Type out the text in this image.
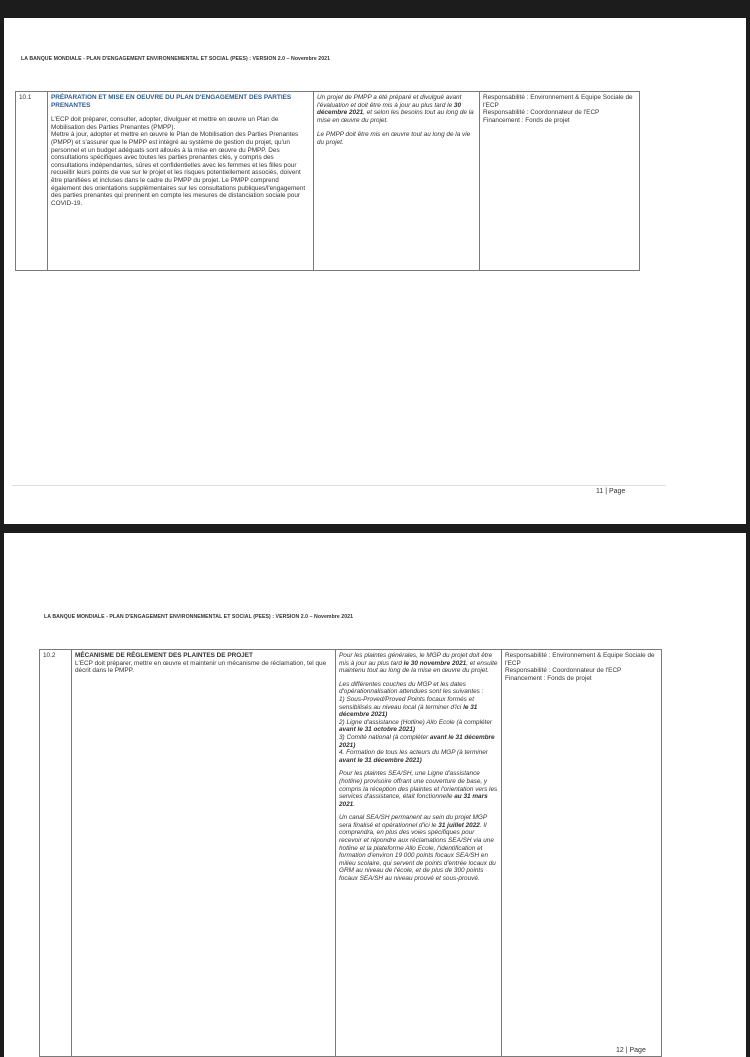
LA BANQUE MONDIALE - PLAN D'ENGAGEMENT ENVIRONNEMENTAL ET SOCIAL (PEES) : VERSION 2.0 – Novembre 2021
10.1	PRÉPARATION ET MISE EN OEUVRE DU PLAN D'ENGAGEMENT DES PARTIES PRENANTES
L'ECP doit préparer, consulter, adopter, divulguer et mettre en œuvre un Plan de Mobilisation des Parties Prenantes (PMPP).
Mettre à jour, adopter et mettre en œuvre le Plan de Mobilisation des Parties Prenantes (PMPP) et s'assurer que le PMPP est intégré au système de gestion du projet, qu'un personnel et un budget adéquats sont alloués à la mise en œuvre du PMPP. Des consultations spécifiques avec toutes les parties prenantes clés, y compris des consultations indépendantes, sûres et confidentielles avec les femmes et les filles pour recueillir leurs points de vue sur le projet et les risques potentiellement associés, doivent être planifiées et incluses dans le cadre du PMPP du projet. Le PMPP comprend également des orientations supplémentaires sur les consultations publiques/l'engagement des parties prenantes qui prennent en compte les mesures de distanciation sociale pour COVID-19.

Un projet de PMPP a été préparé et divulgué avant l'évaluation et doit être mis à jour au plus tard le 30 décembre 2021, et selon les besoins tout au long de la mise en œuvre du projet.
Le PMPP doit être mis en œuvre tout au long de la vie du projet.

Responsabilité : Environnement & Equipe Sociale de l'ECP
Responsabilité : Coordonnateur de l'ECP
Financement : Fonds de projet
11 | Page
LA BANQUE MONDIALE - PLAN D'ENGAGEMENT ENVIRONNEMENTAL ET SOCIAL (PEES) : VERSION 2.0 – Novembre 2021
10.2	MÉCANISME DE RÈGLEMENT DES PLAINTES DE PROJET
L'ECP doit préparer, mettre en œuvre et maintenir un mécanisme de réclamation, tel que décrit dans le PMPP.

Pour les plaintes générales, le MGP du projet doit être mis à jour au plus tard le 30 novembre 2021, et ensuite maintenu tout au long de la mise en œuvre du projet.
Les différentes couches du MGP et les dates d'opérationnalisation attendues sont les suivantes :
1) Sous-Proved/Proved Points focaux formés et sensibilisés au niveau local (à terminer d'ici le 31 décembre 2021)
2) Ligne d'assistance (Hotline) Allo Ecole (à compléter avant le 31 octobre 2021)
3) Comité national (à compléter avant le 31 décembre 2021)
4. Formation de tous les acteurs du MGP (à terminer avant le 31 décembre 2021)
Pour les plaintes SEA/SH, une Ligne d'assistance (hotline) provisoire offrant une couverture de base, y compris la réception des plaintes et l'orientation vers les services d'assistance, était fonctionnelle au 31 mars 2021.
Un canal SEA/SH permanent au sein du projet MGP sera finalisé et opérationnel d'ici le 31 juillet 2022. Il comprendra, en plus des voies spécifiques pour recevoir et répondre aux réclamations SEA/SH via une hotline et la plateforme Allo Ecole, l'identification et formation d'environ 19 000 points focaux SEA/SH en milieu scolaire, qui servent de points d'entrée locaux du GRM au niveau de l'école, et de plus de 300 points focaux SEA/SH au niveau prouvé et sous-prouvé.

Responsabilité : Environnement & Equipe Sociale de l'ECP
Responsabilité : Coordonnateur de l'ECP
Financement : Fonds de projet
12 | Page
